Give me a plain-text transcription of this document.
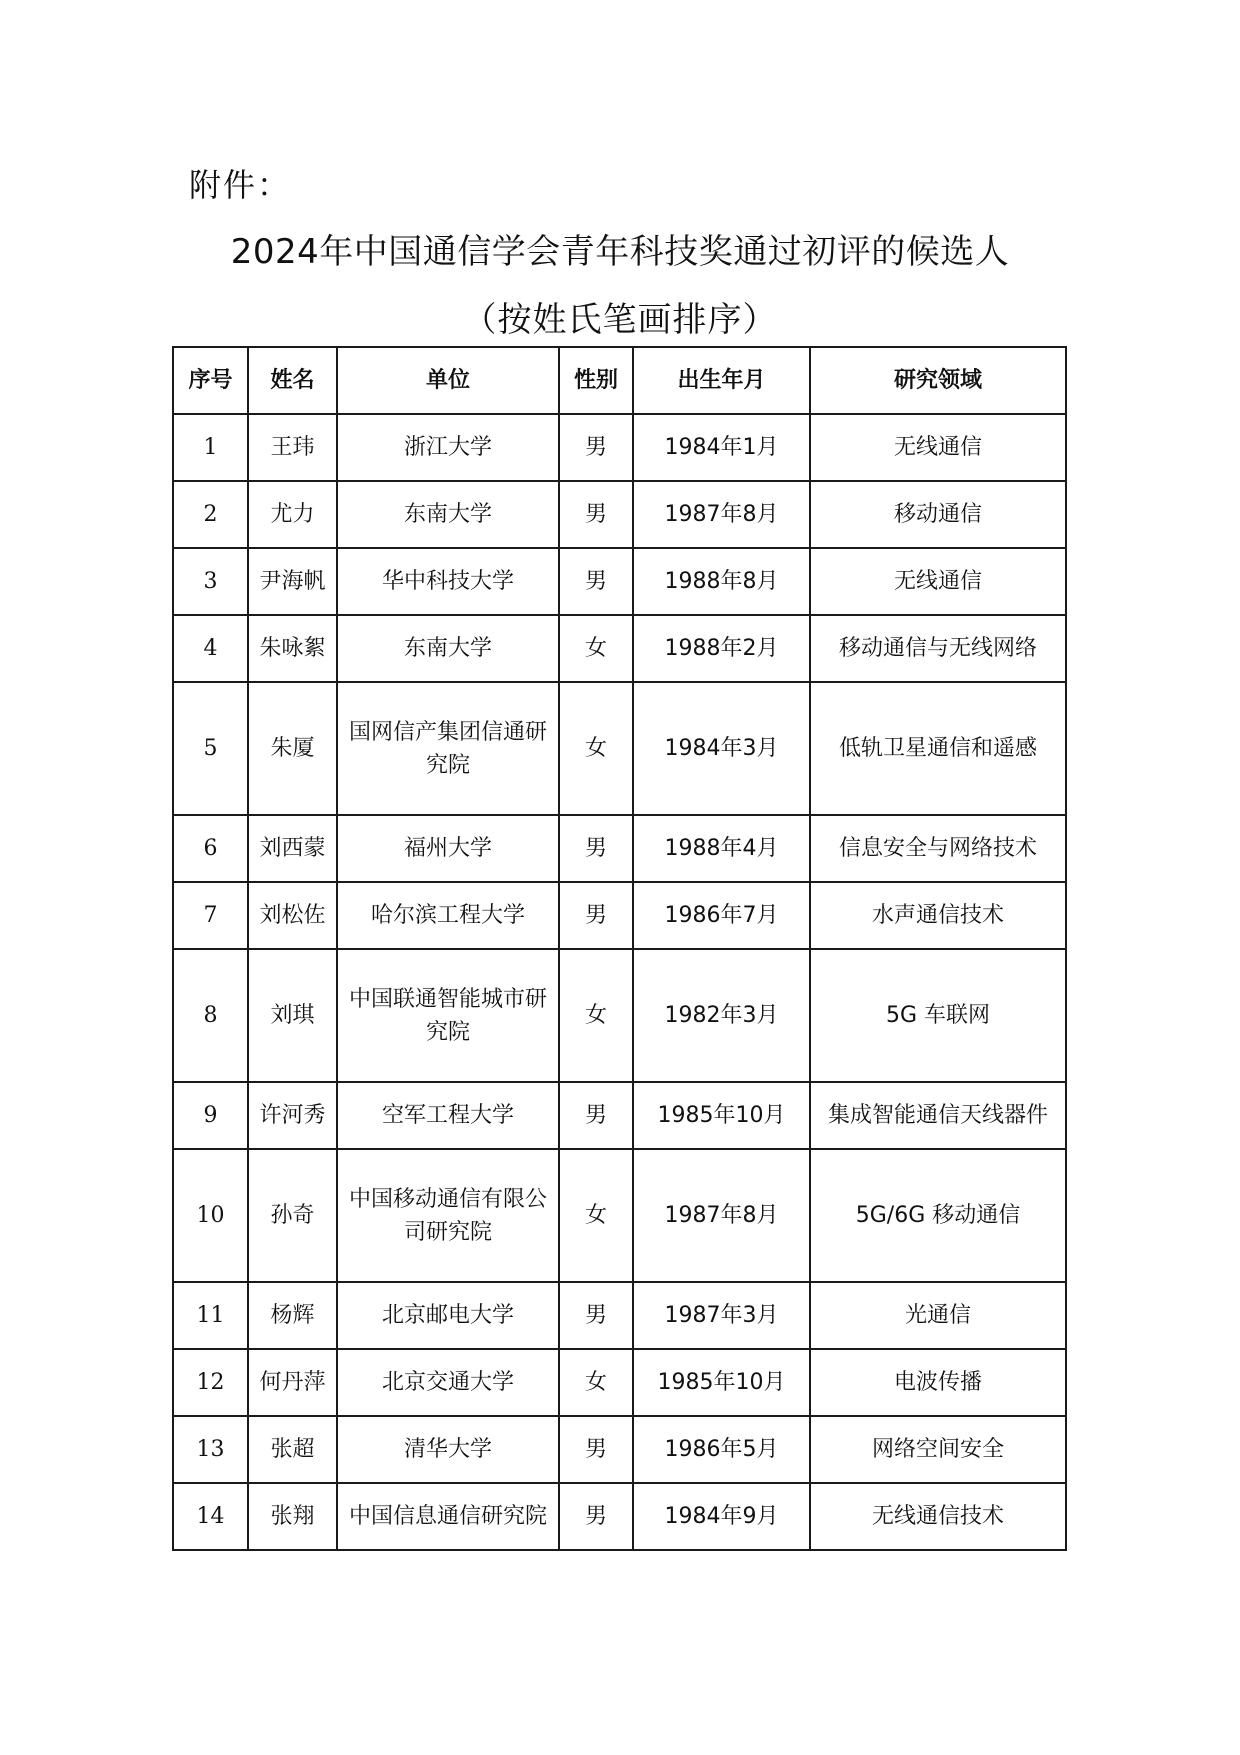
附件：
2024年中国通信学会青年科技奖通过初评的候选人
（按姓氏笔画排序）
序号	姓名	单位	性别	出生年月	研究领域
1	王玮	浙江大学	男	1984年1月	无线通信
2	尤力	东南大学	男	1987年8月	移动通信
3	尹海帆	华中科技大学	男	1988年8月	无线通信
4	朱咏絮	东南大学	女	1988年2月	移动通信与无线网络
5	朱厦	国网信产集团信通研究院	女	1984年3月	低轨卫星通信和遥感
6	刘西蒙	福州大学	男	1988年4月	信息安全与网络技术
7	刘松佐	哈尔滨工程大学	男	1986年7月	水声通信技术
8	刘琪	中国联通智能城市研究院	女	1982年3月	5G 车联网
9	许河秀	空军工程大学	男	1985年10月	集成智能通信天线器件
10	孙奇	中国移动通信有限公司研究院	女	1987年8月	5G/6G 移动通信
11	杨辉	北京邮电大学	男	1987年3月	光通信
12	何丹萍	北京交通大学	女	1985年10月	电波传播
13	张超	清华大学	男	1986年5月	网络空间安全
14	张翔	中国信息通信研究院	男	1984年9月	无线通信技术
